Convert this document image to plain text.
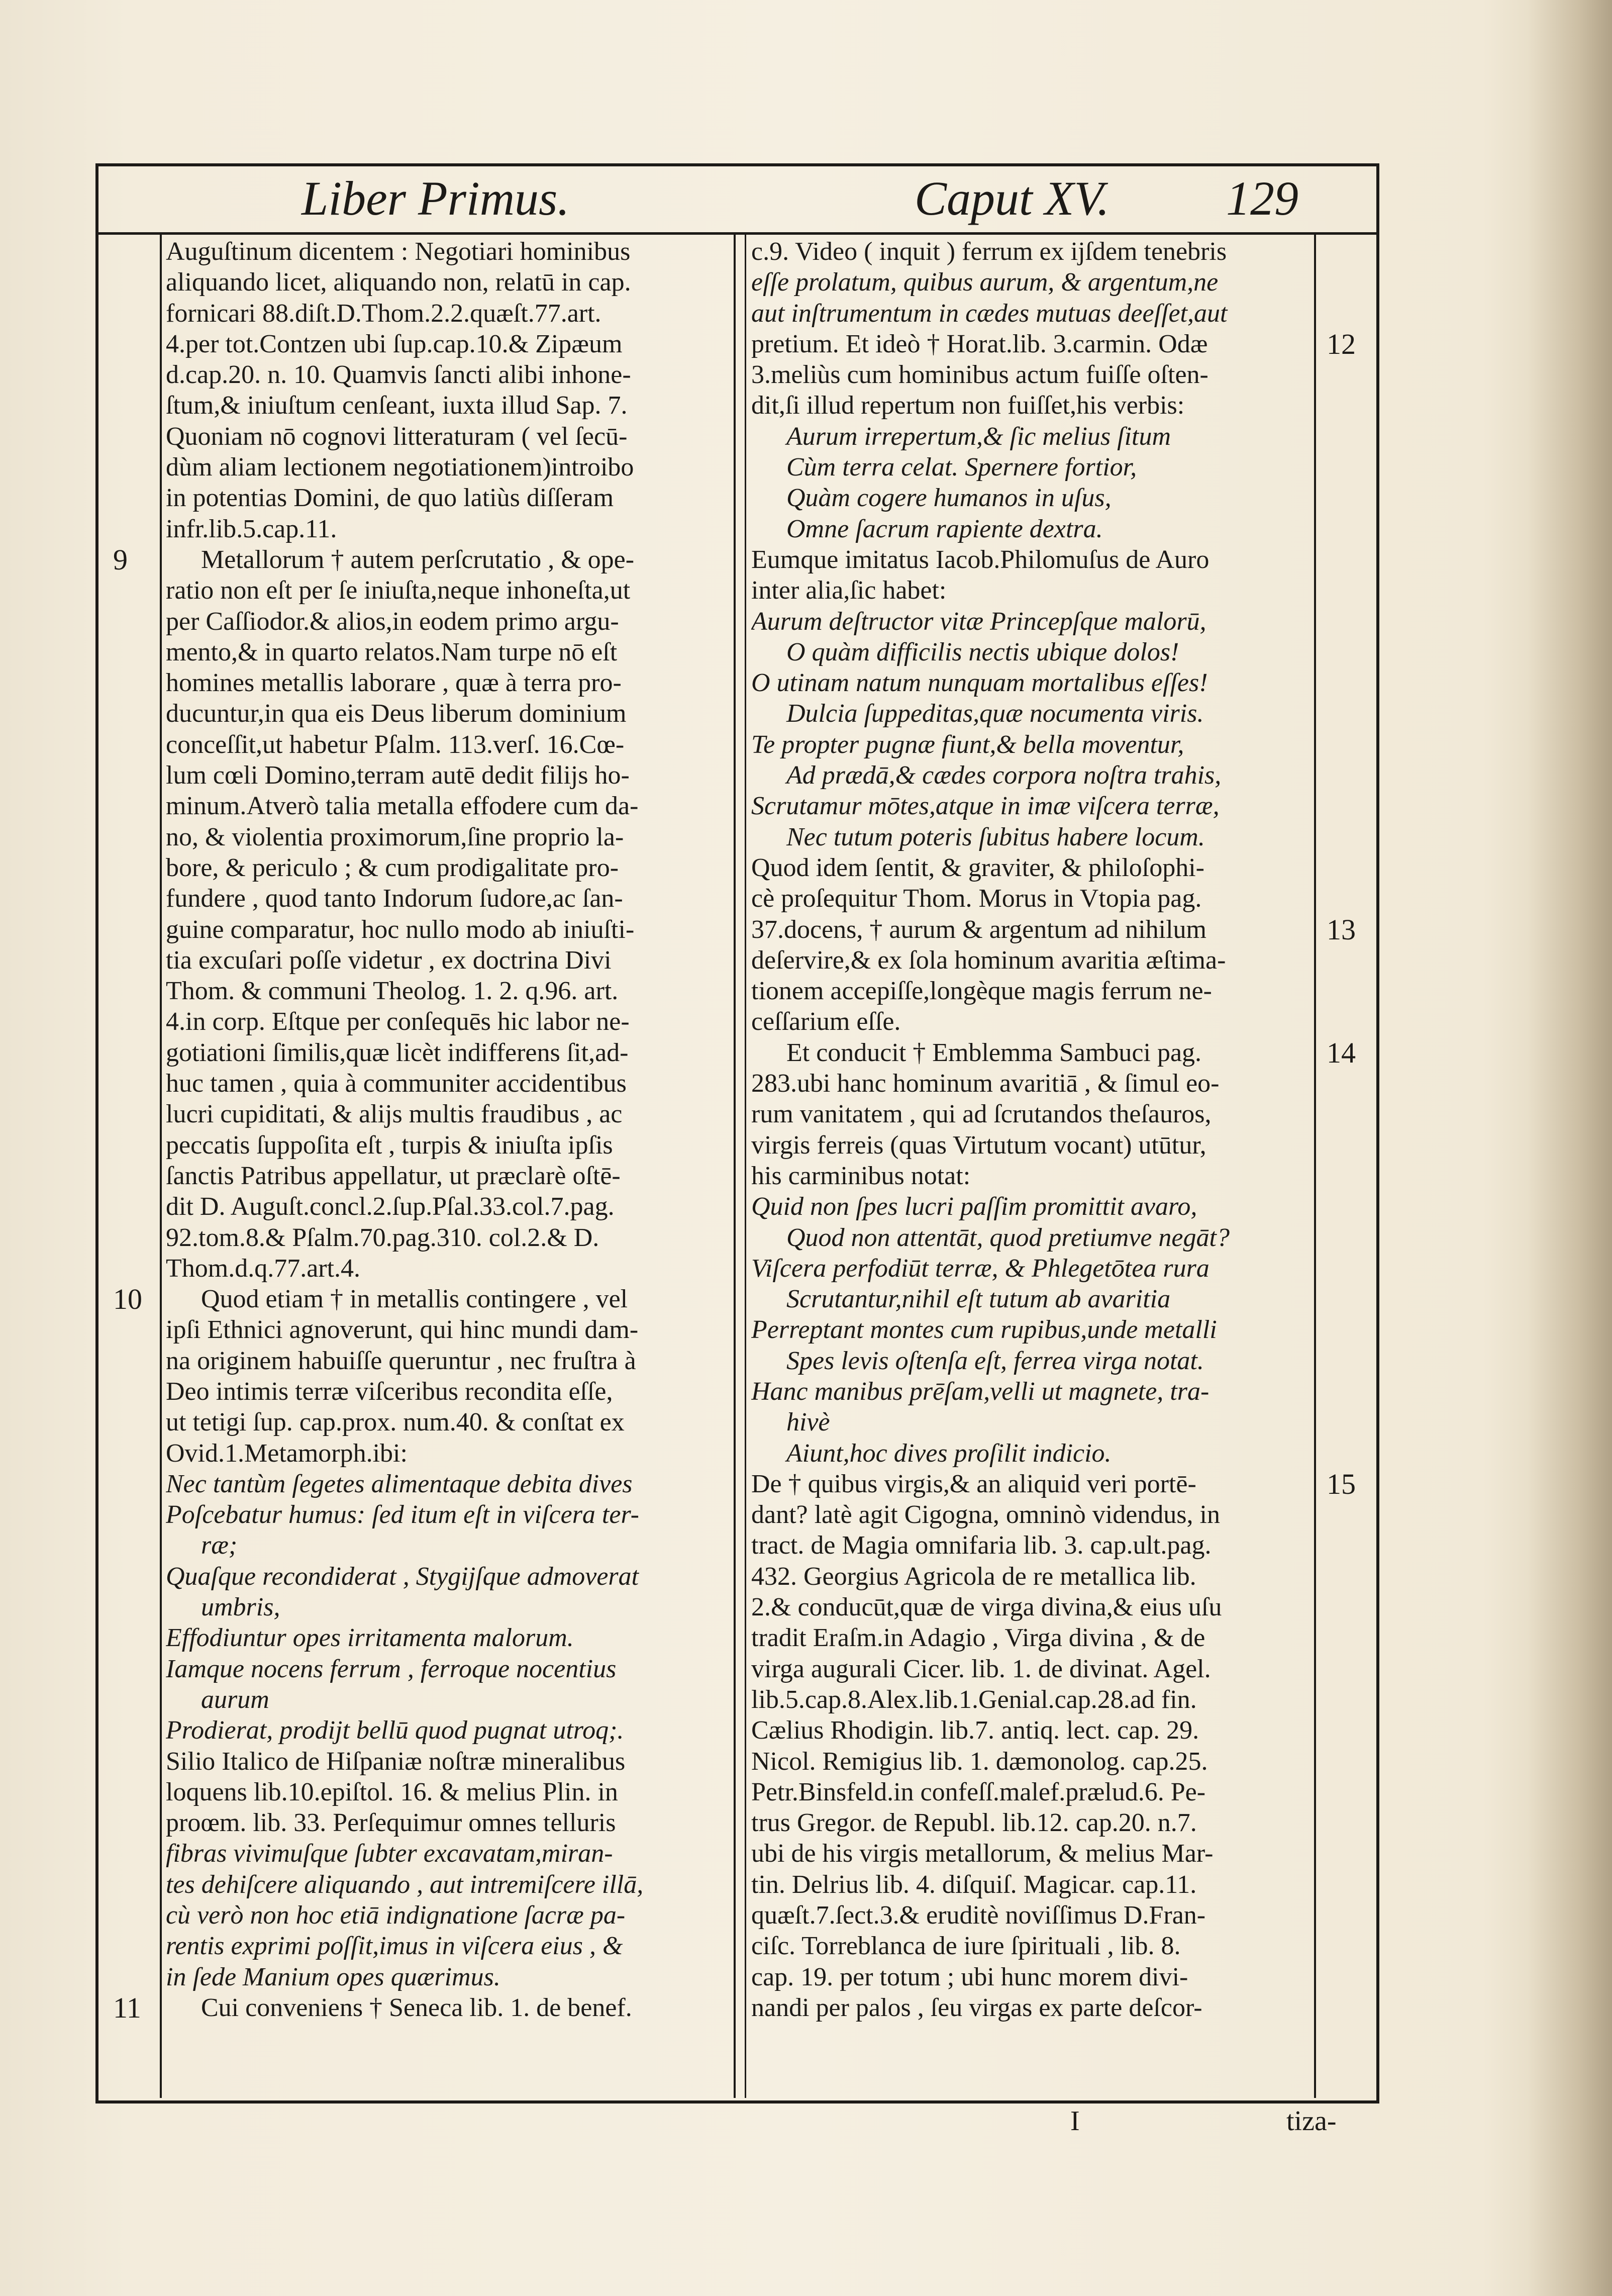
Liber Primus.	Caput XV. 129
Auguſtinum dicentem : Negotiari hominibus
aliquando licet, aliquando non, relatū in cap.
fornicari 88.diſt.D.Thom.2.2.quæſt.77.art.
4.per tot.Contzen ubi ſup.cap.10.& Zipæum
d.cap.20. n. 10. Quamvis ſancti alibi inhone-
ſtum,& iniuſtum cenſeant, iuxta illud Sap. 7.
Quoniam nō cognovi litteraturam ( vel ſecū-
dùm aliam lectionem negotiationem)introibo
in potentias Domini, de quo latiùs diſſeram
infr.lib.5.cap.11.
Metallorum † autem perſcrutatio , & ope-
ratio non eſt per ſe iniuſta,neque inhoneſta,ut
per Caſſiodor.& alios,in eodem primo argu-
mento,& in quarto relatos.Nam turpe nō eſt
homines metallis laborare , quæ à terra pro-
ducuntur,in qua eis Deus liberum dominium
conceſſit,ut habetur Pſalm. 113.verſ. 16.Cœ-
lum cœli Domino,terram autē dedit filijs ho-
minum.Atverò talia metalla effodere cum da-
no, & violentia proximorum,ſine proprio la-
bore, & periculo ; & cum prodigalitate pro-
fundere , quod tanto Indorum ſudore,ac ſan-
guine comparatur, hoc nullo modo ab iniuſti-
tia excuſari poſſe videtur , ex doctrina Divi
Thom. & communi Theolog. 1. 2. q.96. art.
4.in corp. Eſtque per conſequēs hic labor ne-
gotiationi ſimilis,quæ licèt indifferens ſit,ad-
huc tamen , quia à communiter accidentibus
lucri cupiditati, & alijs multis fraudibus , ac
peccatis ſuppoſita eſt , turpis & iniuſta ipſis
ſanctis Patribus appellatur, ut præclarè oſtē-
dit D. Auguſt.concl.2.ſup.Pſal.33.col.7.pag.
92.tom.8.& Pſalm.70.pag.310. col.2.& D.
Thom.d.q.77.art.4.
Quod etiam † in metallis contingere , vel
ipſi Ethnici agnoverunt, qui hinc mundi dam-
na originem habuiſſe queruntur , nec fruſtra à
Deo intimis terræ viſceribus recondita eſſe,
ut tetigi ſup. cap.prox. num.40. & conſtat ex
Ovid.1.Metamorph.ibi:
Nec tantùm ſegetes alimentaque debita dives
Poſcebatur humus: ſed itum eſt in viſcera ter-
ræ;
Quaſque recondiderat , Stygijſque admoverat
umbris,
Effodiuntur opes irritamenta malorum.
Iamque nocens ferrum , ferroque nocentius
aurum
Prodierat, prodijt bellū quod pugnat utroq;.
Silio Italico de Hiſpaniæ noſtræ mineralibus
loquens lib.10.epiſtol. 16. & melius Plin. in
proœm. lib. 33. Perſequimur omnes telluris
fibras vivimuſque ſubter excavatam,miran-
tes dehiſcere aliquando , aut intremiſcere illā,
cù verò non hoc etiā indignatione ſacræ pa-
rentis exprimi poſſit,imus in viſcera eius , &
in ſede Manium opes quærimus.
Cui conveniens † Seneca lib. 1. de benef.
c.9. Video ( inquit ) ferrum ex ijſdem tenebris
eſſe prolatum, quibus aurum, & argentum,ne
aut inſtrumentum in cædes mutuas deeſſet,aut
pretium. Et ideò † Horat.lib. 3.carmin. Odæ
3.meliùs cum hominibus actum fuiſſe oſten-
dit,ſi illud repertum non fuiſſet,his verbis:
Aurum irrepertum,& ſic melius ſitum
Cùm terra celat. Spernere fortior,
Quàm cogere humanos in uſus,
Omne ſacrum rapiente dextra.
Eumque imitatus Iacob.Philomuſus de Auro
inter alia,ſic habet:
Aurum deſtructor vitæ Princepſque malorū,
O quàm difficilis nectis ubique dolos!
O utinam natum nunquam mortalibus eſſes!
Dulcia ſuppeditas,quæ nocumenta viris.
Te propter pugnæ fiunt,& bella moventur,
Ad prædā,& cædes corpora noſtra trahis,
Scrutamur mōtes,atque in imæ viſcera terræ,
Nec tutum poteris ſubitus habere locum.
Quod idem ſentit, & graviter, & philoſophi-
cè proſequitur Thom. Morus in Vtopia pag.
37.docens, † aurum & argentum ad nihilum
deſervire,& ex ſola hominum avaritia æſtima-
tionem accepiſſe,longèque magis ferrum ne-
ceſſarium eſſe.
Et conducit † Emblemma Sambuci pag.
283.ubi hanc hominum avaritiā , & ſimul eo-
rum vanitatem , qui ad ſcrutandos theſauros,
virgis ferreis (quas Virtutum vocant) utūtur,
his carminibus notat:
Quid non ſpes lucri paſſim promittit avaro,
Quod non attentāt, quod pretiumve negāt?
Viſcera perfodiūt terræ, & Phlegetōtea rura
Scrutantur,nihil eſt tutum ab avaritia
Perreptant montes cum rupibus,unde metalli
Spes levis oſtenſa eſt, ferrea virga notat.
Hanc manibus prēſam,velli ut magnete, tra-
hivè
Aiunt,hoc dives proſilit indicio.
De † quibus virgis,& an aliquid veri portē-
dant? latè agit Cigogna, omninò videndus, in
tract. de Magia omnifaria lib. 3. cap.ult.pag.
432. Georgius Agricola de re metallica lib.
2.& conducūt,quæ de virga divina,& eius uſu
tradit Eraſm.in Adagio , Virga divina , & de
virga augurali Cicer. lib. 1. de divinat. Agel.
lib.5.cap.8.Alex.lib.1.Genial.cap.28.ad fin.
Cælius Rhodigin. lib.7. antiq. lect. cap. 29.
Nicol. Remigius lib. 1. dæmonolog. cap.25.
Petr.Binsfeld.in confeſſ.malef.prælud.6. Pe-
trus Gregor. de Republ. lib.12. cap.20. n.7.
ubi de his virgis metallorum, & melius Mar-
tin. Delrius lib. 4. diſquiſ. Magicar. cap.11.
quæſt.7.ſect.3.& eruditè noviſſimus D.Fran-
ciſc. Torreblanca de iure ſpirituali , lib. 8.
cap. 19. per totum ; ubi hunc morem divi-
nandi per palos , ſeu virgas ex parte deſcor-
9
10
11
12
13
14
15
I	tiza-
